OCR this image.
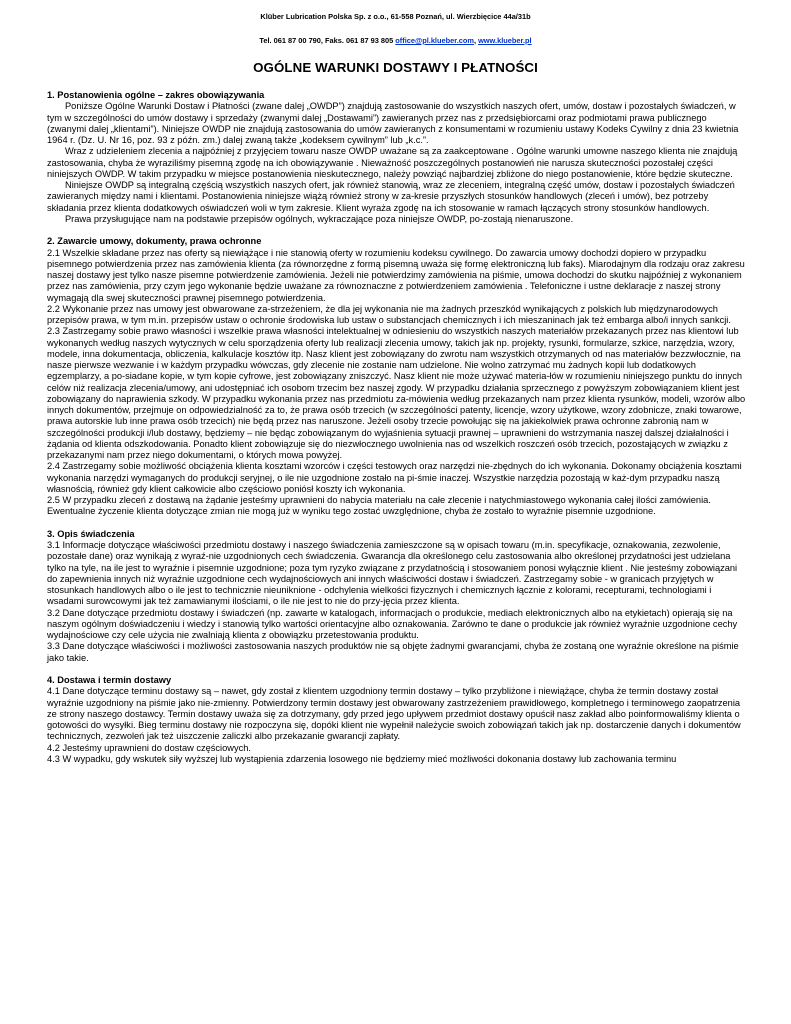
Klüber Lubrication Polska Sp. z o.o., 61-558 Poznań, ul. Wierzbięcice 44a/31b
Tel. 061 87 00 790, Faks. 061 87 93 805 office@pl.klueber.com, www.klueber.pl
OGÓLNE WARUNKI DOSTAWY I PŁATNOŚCI

1. Postanowienia ogólne – zakres obowiązywania

Poniższe Ogólne Warunki Dostaw i Płatności (zwane dalej „OWDP”) znajdują zastosowanie do wszystkich naszych ofert, umów, dostaw i pozostałych świadczeń, w tym w szczególności do umów dostawy i sprzedaży (zwanymi dalej „Dostawami”) zawieranych przez nas z przedsiębiorcami oraz podmiotami prawa publicznego (zwanymi dalej „klientami”). Niniejsze OWDP nie znajdują zastosowania do umów zawieranych z konsumentami w rozumieniu ustawy Kodeks Cywilny z dnia 23 kwietnia 1964 r. (Dz. U. Nr 16, poz. 93 z późn. zm.) dalej zwaną także „kodeksem cywilnym” lub „k.c.”.

Wraz z udzieleniem zlecenia a najpóźniej z przyjęciem towaru nasze OWDP uważane są za zaakceptowane . Ogólne warunki umowne naszego klienta nie znajdują zastosowania, chyba że wyraziliśmy pisemną zgodę na ich obowiązywanie . Nieważność poszczególnych postanowień nie narusza skuteczności pozostałej części niniejszych OWDP. W takim przypadku w miejsce postanowienia nieskutecznego, należy powziąć najbardziej zbliżone do niego postanowienie, które będzie skuteczne.

Niniejsze OWDP są integralną częścią wszystkich naszych ofert, jak również stanowią, wraz ze zleceniem, integralną część umów, dostaw i pozostałych świadczeń zawieranych między nami i klientami. Postanowienia niniejsze wiążą również strony w za-kresie przyszłych stosunków handlowych (zleceń i umów), bez potrzeby składania przez klienta dodatkowych oświadczeń woli w tym zakresie. Klient wyraża zgodę na ich stosowanie w ramach łączących strony stosunków handlowych.

Prawa przysługujące nam na podstawie przepisów ogólnych, wykraczające poza niniejsze OWDP, po-zostają nienaruszone.

2. Zawarcie umowy, dokumenty, prawa ochronne

2.1 Wszelkie składane przez nas oferty są niewiążące i nie stanowią oferty w rozumieniu kodeksu cywilnego. Do zawarcia umowy dochodzi dopiero w przypadku pisemnego potwierdzenia przez nas zamówienia klienta (za równorzędne z formą pisemną uważa się formę elektroniczną lub faks). Miarodajnym dla rodzaju oraz zakresu naszej dostawy jest tylko nasze pisemne potwierdzenie zamówienia. Jeżeli nie potwierdzimy zamówienia na piśmie, umowa dochodzi do skutku najpóźniej z wykonaniem przez nas zamówienia, przy czym jego wykonanie będzie uważane za równoznaczne z potwierdzeniem zamówienia . Telefoniczne i ustne deklaracje z naszej strony wymagają dla swej skuteczności prawnej pisemnego potwierdzenia.

2.2 Wykonanie przez nas umowy jest obwarowane za-strzeżeniem, że dla jej wykonania nie ma żadnych przeszkód wynikających z polskich lub międzynarodowych przepisów prawa, w tym m.in. przepisów ustaw o ochronie środowiska lub ustaw o substancjach chemicznych i ich mieszaninach jak też embarga albo/i innych sankcji.

2.3 Zastrzegamy sobie prawo własności i wszelkie prawa własności intelektualnej w odniesieniu do wszystkich naszych materiałów przekazanych przez nas klientowi lub wykonanych według naszych wytycznych w celu sporządzenia oferty lub realizacji zlecenia umowy, takich jak np. projekty, rysunki, formularze, szkice, narzędzia, wzory, modele, inna dokumentacja, obliczenia, kalkulacje kosztów itp. Nasz klient jest zobowiązany do zwrotu nam wszystkich otrzymanych od nas materiałów bezzwłocznie, na nasze pierwsze wezwanie i w każdym przypadku wówczas, gdy zlecenie nie zostanie nam udzielone. Nie wolno zatrzymać mu żadnych kopii lub dodatkowych egzemplarzy, a po-siadane kopie, w tym kopie cyfrowe, jest zobowiązany zniszczyć. Nasz klient nie może używać materia-łów w rozumieniu niniejszego punktu do innych celów niż realizacja zlecenia/umowy, ani udostępniać ich osobom trzecim bez naszej zgody. W przypadku działania sprzecznego z powyższym zobowiązaniem klient jest zobowiązany do naprawienia szkody. W przypadku wykonania przez nas przedmiotu za-mówienia według przekazanych nam przez klienta rysunków, modeli, wzorów albo innych dokumentów, przejmuje on odpowiedzialność za to, że prawa osób trzecich (w szczególności patenty, licencje, wzory użytkowe, wzory zdobnicze, znaki towarowe, prawa autorskie lub inne prawa osób trzecich) nie będą przez nas naruszone. Jeżeli osoby trzecie powołując się na jakiekolwiek prawa ochronne zabronią nam w szczególności produkcji i/lub dostawy, będziemy – nie będąc zobowiązanym do wyjaśnienia sytuacji prawnej – uprawnieni do wstrzymania naszej dalszej działalności i żądania od klienta odszkodowania. Ponadto klient zobowiązuje się do niezwłocznego uwolnienia nas od wszelkich roszczeń osób trzecich, pozostających w związku z przekazanymi nam przez niego dokumentami, o których mowa powyżej.

2.4 Zastrzegamy sobie możliwość obciążenia klienta kosztami wzorców i części testowych oraz narzędzi nie-zbędnych do ich wykonania. Dokonamy obciążenia kosztami wykonania narzędzi wymaganych do produkcji seryjnej, o ile nie uzgodnione zostało na pi-śmie inaczej. Wszystkie narzędzia pozostają w każ-dym przypadku naszą własnością, również gdy klient całkowicie albo częściowo poniósł koszty ich wykonania.

2.5 W przypadku zleceń z dostawą na żądanie jesteśmy uprawnieni do nabycia materiału na całe zlecenie i natychmiastowego wykonania całej ilości zamówienia. Ewentualne życzenie klienta dotyczące zmian nie mogą już w wyniku tego zostać uwzględnione, chyba że zostało to wyraźnie pisemnie uzgodnione.

3. Opis świadczenia

3.1 Informacje dotyczące właściwości przedmiotu dostawy i naszego świadczenia zamieszczone są w opisach towaru (m.in. specyfikacje, oznakowania, zezwolenie, pozostałe dane) oraz wynikają z wyraź-nie uzgodnionych cech świadczenia. Gwarancja dla określonego celu zastosowania albo określonej przydatności jest udzielana tylko na tyle, na ile jest to wyraźnie i pisemnie uzgodnione; poza tym ryzyko związane z przydatnością i stosowaniem ponosi wyłącznie klient . Nie jesteśmy zobowiązani do zapewnienia innych niż wyraźnie uzgodnione cech wydajnościowych ani innych właściwości dostaw i świadczeń. Zastrzegamy sobie - w granicach przyjętych w stosunkach handlowych albo o ile jest to technicznie nieuniknione - odchylenia wielkości fizycznych i chemicznych łącznie z kolorami, recepturami, technologiami i wsadami surowcowymi jak też zamawianymi ilościami, o ile nie jest to nie do przy-jęcia przez klienta.

3.2 Dane dotyczące przedmiotu dostawy i świadczeń (np. zawarte w katalogach, informacjach o produkcie, mediach elektronicznych albo na etykietach) opierają się na naszym ogólnym doświadczeniu i wiedzy i stanowią tylko wartości orientacyjne albo oznakowania. Zarówno te dane o produkcie jak również wyraźnie uzgodnione cechy wydajnościowe czy cele użycia nie zwalniają klienta z obowiązku przetestowania produktu.

3.3 Dane dotyczące właściwości i możliwości zastosowania naszych produktów nie są objęte żadnymi gwarancjami, chyba że zostaną one wyraźnie określone na piśmie jako takie.

4. Dostawa i termin dostawy

4.1 Dane dotyczące terminu dostawy są – nawet, gdy został z klientem uzgodniony termin dostawy – tylko przybliżone i niewiążące, chyba że termin dostawy został wyraźnie uzgodniony na piśmie jako nie-zmienny. Potwierdzony termin dostawy jest obwarowany zastrzeżeniem prawidłowego, kompletnego i terminowego zaopatrzenia ze strony naszego dostawcy. Termin dostawy uważa się za dotrzymany, gdy przed jego upływem przedmiot dostawy opuścił nasz zakład albo poinformowaliśmy klienta o gotowości do wysyłki. Bieg terminu dostawy nie rozpoczyna się, dopóki klient nie wypełnił należycie swoich zobowiązań takich jak np. dostarczenie danych i dokumentów technicznych, zezwoleń jak też uiszczenie zaliczki albo przekazanie gwarancji zapłaty.

4.2 Jesteśmy uprawnieni do dostaw częściowych.

4.3 W wypadku, gdy wskutek siły wyższej lub wystąpienia zdarzenia losowego nie będziemy mieć możliwości dokonania dostawy lub zachowania terminu
